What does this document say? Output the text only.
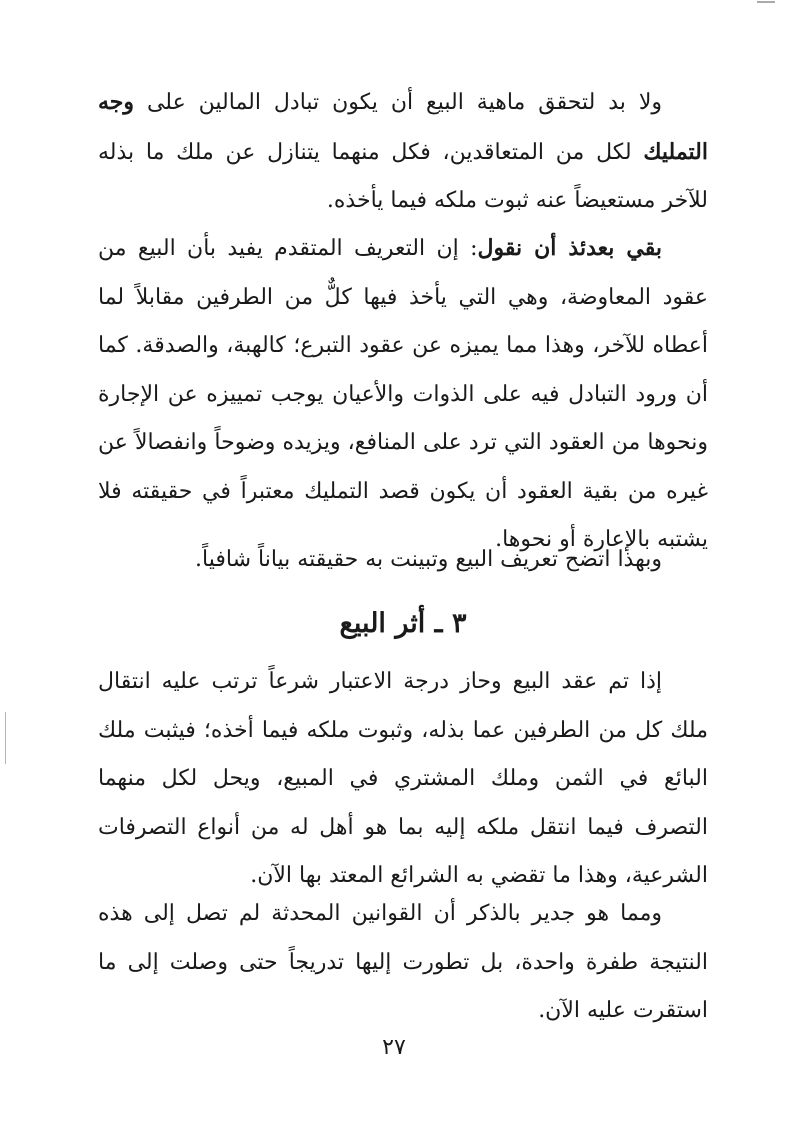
ولا بد لتحقق ماهية البيع أن يكون تبادل المالين على وجه التمليك لكل من المتعاقدين، فكل منهما يتنازل عن ملك ما بذله للآخر مستعيضاً عنه ثبوت ملكه فيما يأخذه.

بقي بعدئذ أن نقول: إن التعريف المتقدم يفيد بأن البيع من عقود المعاوضة، وهي التي يأخذ فيها كلٌّ من الطرفين مقابلاً لما أعطاه للآخر، وهذا مما يميزه عن عقود التبرع؛ كالهبة، والصدقة. كما أن ورود التبادل فيه على الذوات والأعيان يوجب تمييزه عن الإجارة ونحوها من العقود التي ترد على المنافع، ويزيده وضوحاً وانفصالاً عن غيره من بقية العقود أن يكون قصد التمليك معتبراً في حقيقته فلا يشتبه بالإعارة أو نحوها.

وبهذا اتضح تعريف البيع وتبينت به حقيقته بياناً شافياً.

٣ ـ أثر البيع

إذا تم عقد البيع وحاز درجة الاعتبار شرعاً ترتب عليه انتقال ملك كل من الطرفين عما بذله، وثبوت ملكه فيما أخذه؛ فيثبت ملك البائع في الثمن وملك المشتري في المبيع، ويحل لكل منهما التصرف فيما انتقل ملكه إليه بما هو أهل له من أنواع التصرفات الشرعية، وهذا ما تقضي به الشرائع المعتد بها الآن.

ومما هو جدير بالذكر أن القوانين المحدثة لم تصل إلى هذه النتيجة طفرة واحدة، بل تطورت إليها تدريجاً حتى وصلت إلى ما استقرت عليه الآن.

٢٧
